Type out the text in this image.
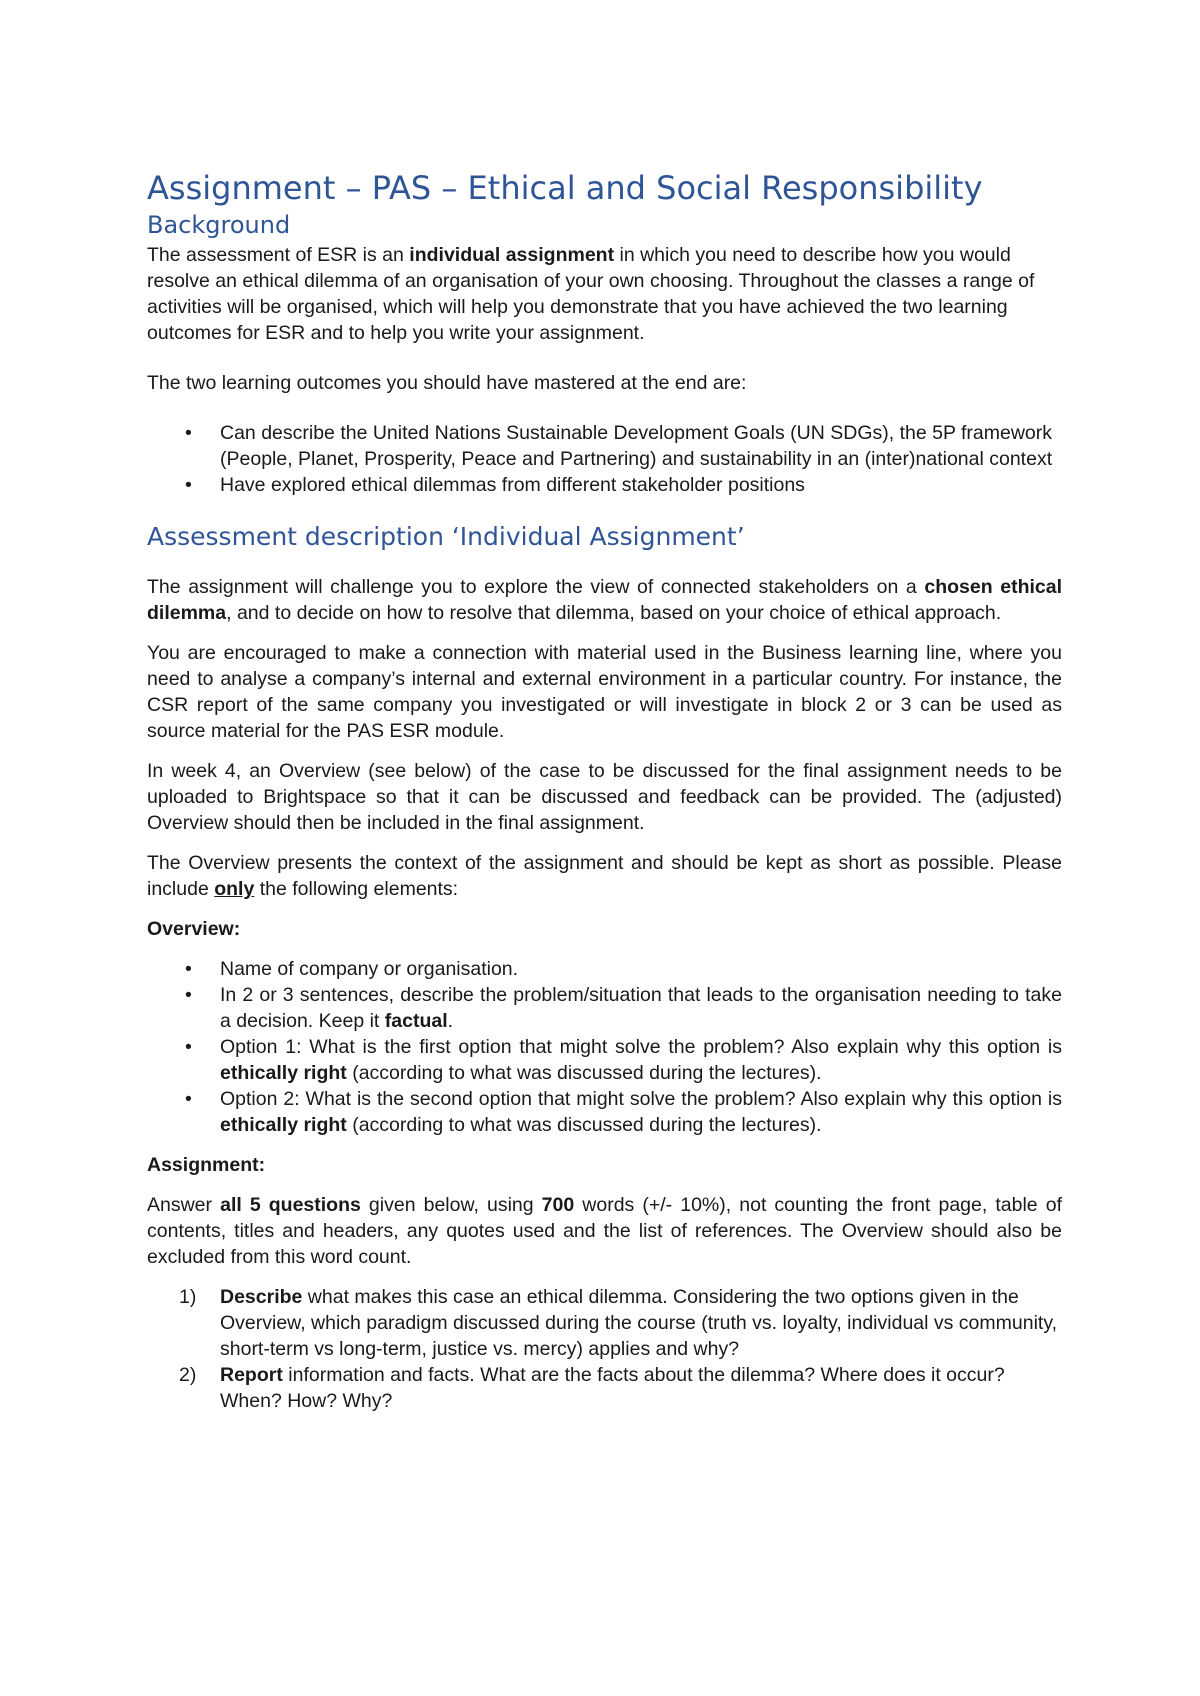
Assignment – PAS – Ethical and Social Responsibility
Background

The assessment of ESR is an individual assignment in which you need to describe how you would resolve an ethical dilemma of an organisation of your own choosing. Throughout the classes a range of activities will be organised, which will help you demonstrate that you have achieved the two learning outcomes for ESR and to help you write your assignment.

The two learning outcomes you should have mastered at the end are:

• Can describe the United Nations Sustainable Development Goals (UN SDGs), the 5P framework (People, Planet, Prosperity, Peace and Partnering) and sustainability in an (inter)national context
• Have explored ethical dilemmas from different stakeholder positions
Assessment description ‘Individual Assignment’

The assignment will challenge you to explore the view of connected stakeholders on a chosen ethical dilemma, and to decide on how to resolve that dilemma, based on your choice of ethical approach.

You are encouraged to make a connection with material used in the Business learning line, where you need to analyse a company’s internal and external environment in a particular country. For instance, the CSR report of the same company you investigated or will investigate in block 2 or 3 can be used as source material for the PAS ESR module.

In week 4, an Overview (see below) of the case to be discussed for the final assignment needs to be uploaded to Brightspace so that it can be discussed and feedback can be provided. The (adjusted) Overview should then be included in the final assignment.

The Overview presents the context of the assignment and should be kept as short as possible. Please include only the following elements:

Overview:

• Name of company or organisation.
• In 2 or 3 sentences, describe the problem/situation that leads to the organisation needing to take a decision. Keep it factual.
• Option 1: What is the first option that might solve the problem? Also explain why this option is ethically right (according to what was discussed during the lectures).
• Option 2: What is the second option that might solve the problem? Also explain why this option is ethically right (according to what was discussed during the lectures).

Assignment:

Answer all 5 questions given below, using 700 words (+/- 10%), not counting the front page, table of contents, titles and headers, any quotes used and the list of references. The Overview should also be excluded from this word count.

1) Describe what makes this case an ethical dilemma. Considering the two options given in the Overview, which paradigm discussed during the course (truth vs. loyalty, individual vs community, short-term vs long-term, justice vs. mercy) applies and why?
2) Report information and facts. What are the facts about the dilemma? Where does it occur? When? How? Why?
